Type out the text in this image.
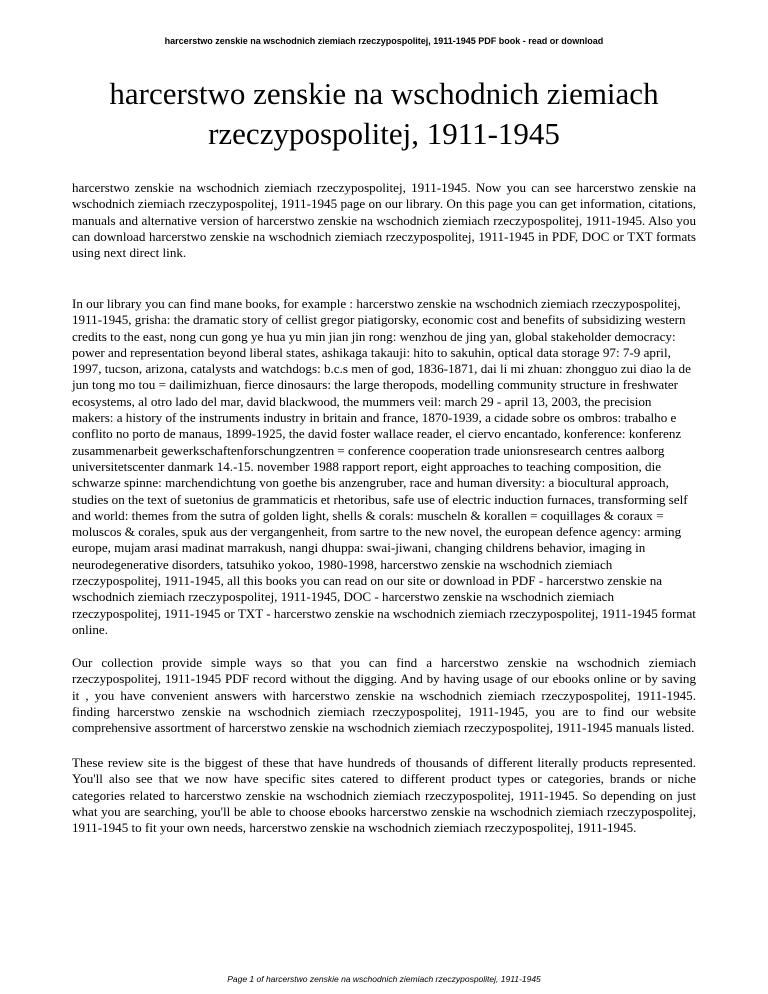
harcerstwo zenskie na wschodnich ziemiach rzeczypospolitej, 1911-1945 PDF book - read or download
harcerstwo zenskie na wschodnich ziemiach rzeczypospolitej, 1911-1945

harcerstwo zenskie na wschodnich ziemiach rzeczypospolitej, 1911-1945. Now you can see harcerstwo zenskie na wschodnich ziemiach rzeczypospolitej, 1911-1945 page on our library. On this page you can get information, citations, manuals and alternative version of harcerstwo zenskie na wschodnich ziemiach rzeczypospolitej, 1911-1945. Also you can download harcerstwo zenskie na wschodnich ziemiach rzeczypospolitej, 1911-1945 in PDF, DOC or TXT formats using next direct link.

In our library you can find mane books, for example : harcerstwo zenskie na wschodnich ziemiach rzeczypospolitej, 1911-1945, grisha: the dramatic story of cellist gregor piatigorsky, economic cost and benefits of subsidizing western credits to the east, nong cun gong ye hua yu min jian jin rong: wenzhou de jing yan, global stakeholder democracy: power and representation beyond liberal states, ashikaga takauji: hito to sakuhin, optical data storage 97: 7-9 april, 1997, tucson, arizona, catalysts and watchdogs: b.c.s men of god, 1836-1871, dai li mi zhuan: zhongguo zui diao la de jun tong mo tou = dailimizhuan, fierce dinosaurs: the large theropods, modelling community structure in freshwater ecosystems, al otro lado del mar, david blackwood, the mummers veil: march 29 - april 13, 2003, the precision makers: a history of the instruments industry in britain and france, 1870-1939, a cidade sobre os ombros: trabalho e conflito no porto de manaus, 1899-1925, the david foster wallace reader, el ciervo encantado, konference: konferenz zusammenarbeit gewerkschaftenforschungzentren = conference cooperation trade unionsresearch centres aalborg universitetscenter danmark 14.-15. november 1988 rapport report, eight approaches to teaching composition, die schwarze spinne: marchendichtung von goethe bis anzengruber, race and human diversity: a biocultural approach, studies on the text of suetonius de grammaticis et rhetoribus, safe use of electric induction furnaces, transforming self and world: themes from the sutra of golden light, shells & corals: muscheln & korallen = coquillages & coraux = moluscos & corales, spuk aus der vergangenheit, from sartre to the new novel, the european defence agency: arming europe, mujam arasi madinat marrakush, nangi dhuppa: swai-jiwani, changing childrens behavior, imaging in neurodegenerative disorders, tatsuhiko yokoo, 1980-1998, harcerstwo zenskie na wschodnich ziemiach rzeczypospolitej, 1911-1945, all this books you can read on our site or download in PDF - harcerstwo zenskie na wschodnich ziemiach rzeczypospolitej, 1911-1945, DOC - harcerstwo zenskie na wschodnich ziemiach rzeczypospolitej, 1911-1945 or TXT - harcerstwo zenskie na wschodnich ziemiach rzeczypospolitej, 1911-1945 format online.

Our collection provide simple ways so that you can find a harcerstwo zenskie na wschodnich ziemiach rzeczypospolitej, 1911-1945 PDF record without the digging. And by having usage of our ebooks online or by saving it , you have convenient answers with harcerstwo zenskie na wschodnich ziemiach rzeczypospolitej, 1911-1945. finding harcerstwo zenskie na wschodnich ziemiach rzeczypospolitej, 1911-1945, you are to find our website comprehensive assortment of harcerstwo zenskie na wschodnich ziemiach rzeczypospolitej, 1911-1945 manuals listed.

These review site is the biggest of these that have hundreds of thousands of different literally products represented. You'll also see that we now have specific sites catered to different product types or categories, brands or niche categories related to harcerstwo zenskie na wschodnich ziemiach rzeczypospolitej, 1911-1945. So depending on just what you are searching, you'll be able to choose ebooks harcerstwo zenskie na wschodnich ziemiach rzeczypospolitej, 1911-1945 to fit your own needs, harcerstwo zenskie na wschodnich ziemiach rzeczypospolitej, 1911-1945.

Page 1 of harcerstwo zenskie na wschodnich ziemiach rzeczypospolitej, 1911-1945
